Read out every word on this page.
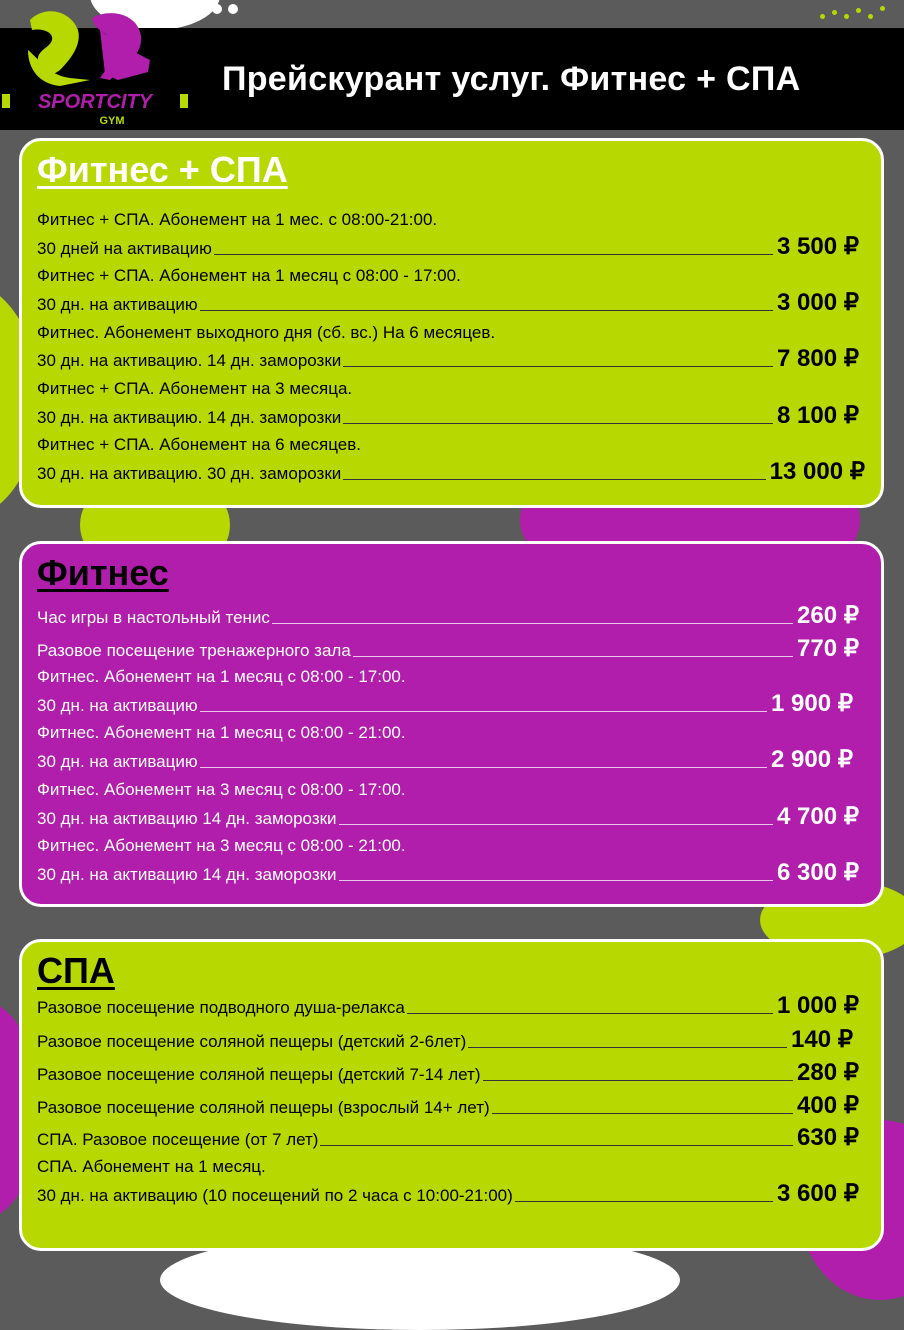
Прейскурант услуг. Фитнес + СПА
SPORTCITY
GYM
Фитнес + СПА
Фитнес + СПА. Абонемент на 1 мес. с 08:00-21:00.
30 дней на активацию	3 500 ₽
Фитнес + СПА. Абонемент на 1 месяц с 08:00 - 17:00.
30 дн. на активацию	3 000 ₽
Фитнес. Абонемент выходного дня (сб. вс.) На 6 месяцев.
30 дн. на активацию. 14 дн. заморозки	7 800 ₽
Фитнес + СПА. Абонемент на 3 месяца.
30 дн. на активацию. 14 дн. заморозки	8 100 ₽
Фитнес + СПА. Абонемент на 6 месяцев.
30 дн. на активацию. 30 дн. заморозки	13 000 ₽
Фитнес
Час игры в настольный тенис	260 ₽
Разовое посещение тренажерного зала	770 ₽
Фитнес. Абонемент на 1 месяц с 08:00 - 17:00.
30 дн. на активацию	1 900 ₽
Фитнес. Абонемент на 1 месяц с 08:00 - 21:00.
30 дн. на активацию	2 900 ₽
Фитнес. Абонемент на 3 месяц с 08:00 - 17:00.
30 дн. на активацию 14 дн. заморозки	4 700 ₽
Фитнес. Абонемент на 3 месяц с 08:00 - 21:00.
30 дн. на активацию 14 дн. заморозки	6 300 ₽
СПА
Разовое посещение подводного душа-релакса	1 000 ₽
Разовое посещение соляной пещеры (детский 2-6лет)	140 ₽
Разовое посещение соляной пещеры (детский 7-14 лет)	280 ₽
Разовое посещение соляной пещеры (взрослый 14+ лет)	400 ₽
СПА. Разовое посещение (от 7 лет)	630 ₽
СПА. Абонемент на 1 месяц.
30 дн. на активацию (10 посещений по 2 часа с 10:00-21:00)	3 600 ₽
